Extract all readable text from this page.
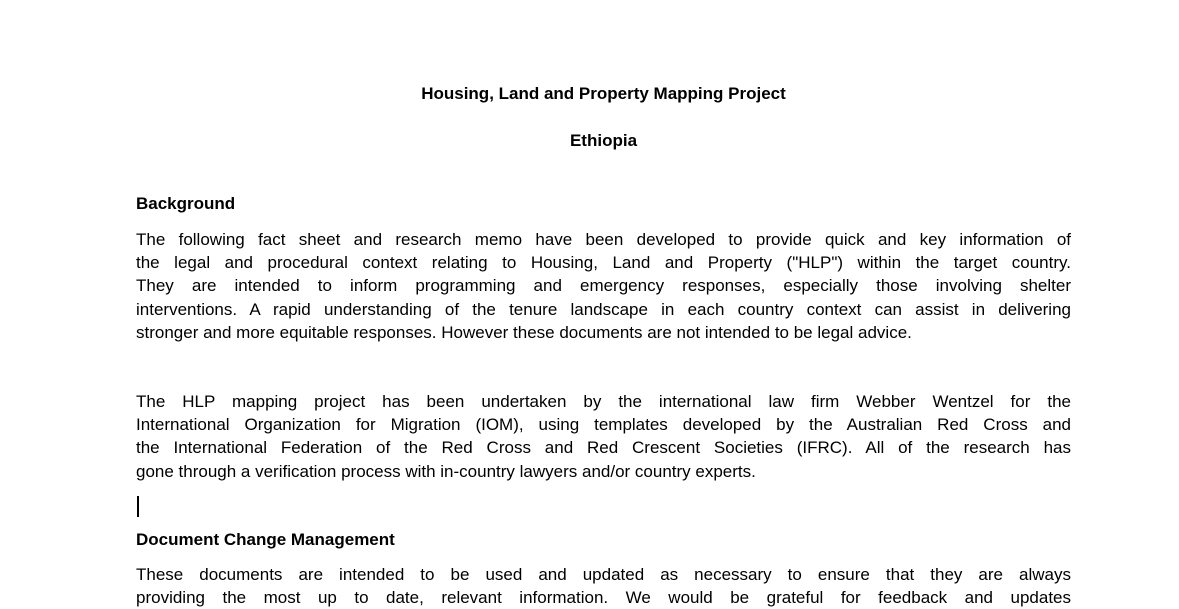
Housing, Land and Property Mapping Project
Ethiopia
Background
The following fact sheet and research memo have been developed to provide quick and key information of
the legal and procedural context relating to Housing, Land and Property ("HLP") within the target country.
They are intended to inform programming and emergency responses, especially those involving shelter
interventions. A rapid understanding of the tenure landscape in each country context can assist in delivering
stronger and more equitable responses. However these documents are not intended to be legal advice.
The HLP mapping project has been undertaken by the international law firm Webber Wentzel for the
International Organization for Migration (IOM), using templates developed by the Australian Red Cross and
the International Federation of the Red Cross and Red Crescent Societies (IFRC). All of the research has
gone through a verification process with in-country lawyers and/or country experts.
Document Change Management
These documents are intended to be used and updated as necessary to ensure that they are always
providing the most up to date, relevant information. We would be grateful for feedback and updates
